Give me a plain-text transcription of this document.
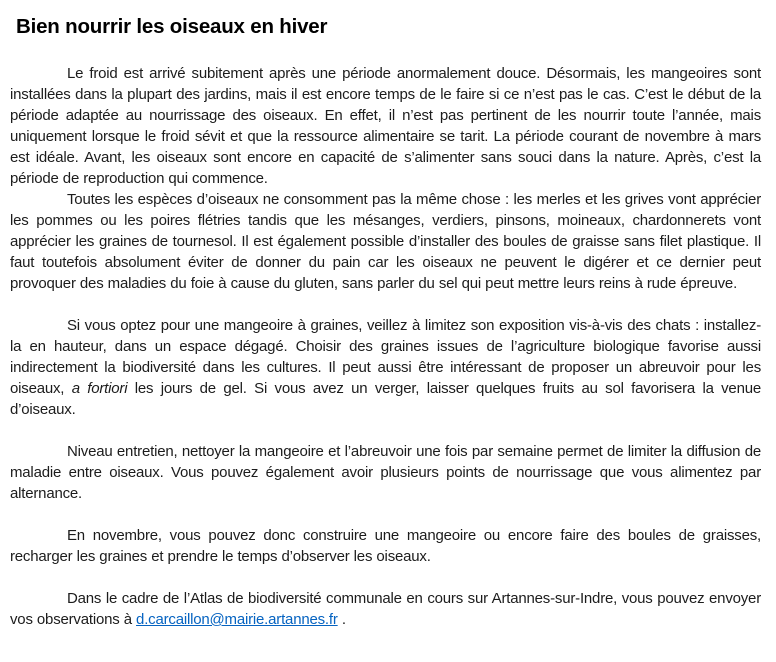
Bien nourrir les oiseaux en hiver

Le froid est arrivé subitement après une période anormalement douce. Désormais, les mangeoires sont installées dans la plupart des jardins, mais il est encore temps de le faire si ce n’est pas le cas. C’est le début de la période adaptée au nourrissage des oiseaux. En effet, il n’est pas pertinent de les nourrir toute l’année, mais uniquement lorsque le froid sévit et que la ressource alimentaire se tarit. La période courant de novembre à mars est idéale. Avant, les oiseaux sont encore en capacité de s’alimenter sans souci dans la nature. Après, c’est la période de reproduction qui commence.

Toutes les espèces d’oiseaux ne consomment pas la même chose : les merles et les grives vont apprécier les pommes ou les poires flétries tandis que les mésanges, verdiers, pinsons, moineaux, chardonnerets vont apprécier les graines de tournesol. Il est également possible d’installer des boules de graisse sans filet plastique. Il faut toutefois absolument éviter de donner du pain car les oiseaux ne peuvent le digérer et ce dernier peut provoquer des maladies du foie à cause du gluten, sans parler du sel qui peut mettre leurs reins à rude épreuve.

Si vous optez pour une mangeoire à graines, veillez à limitez son exposition vis-à-vis des chats : installez-la en hauteur, dans un espace dégagé. Choisir des graines issues de l’agriculture biologique favorise aussi indirectement la biodiversité dans les cultures. Il peut aussi être intéressant de proposer un abreuvoir pour les oiseaux, a fortiori les jours de gel. Si vous avez un verger, laisser quelques fruits au sol favorisera la venue d’oiseaux.

Niveau entretien, nettoyer la mangeoire et l’abreuvoir une fois par semaine permet de limiter la diffusion de maladie entre oiseaux. Vous pouvez également avoir plusieurs points de nourrissage que vous alimentez par alternance.

En novembre, vous pouvez donc construire une mangeoire ou encore faire des boules de graisses, recharger les graines et prendre le temps d’observer les oiseaux.

Dans le cadre de l’Atlas de biodiversité communale en cours sur Artannes-sur-Indre, vous pouvez envoyer vos observations à d.carcaillon@mairie.artannes.fr .
